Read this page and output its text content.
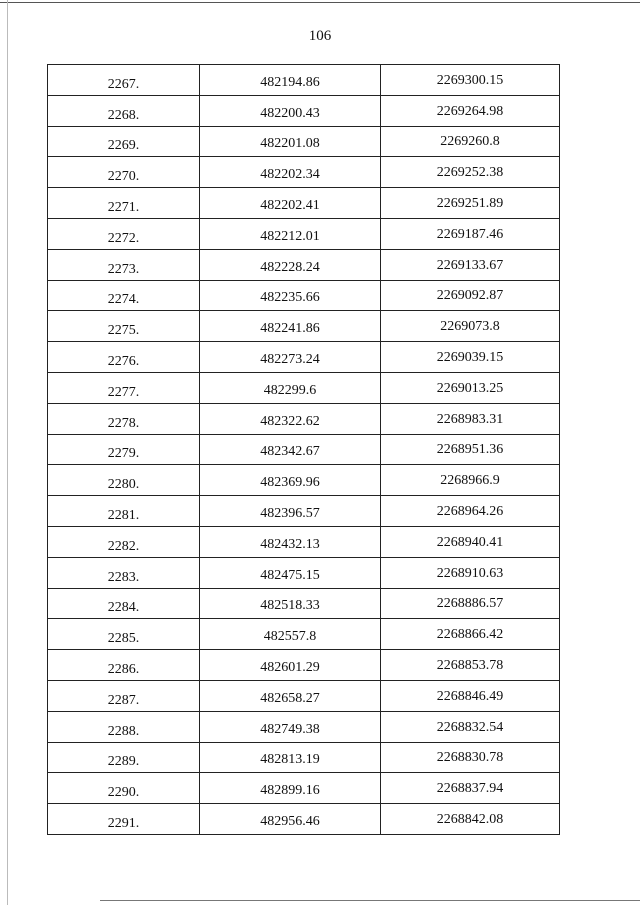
106
2267.	482194.86	2269300.15
2268.	482200.43	2269264.98
2269.	482201.08	2269260.8
2270.	482202.34	2269252.38
2271.	482202.41	2269251.89
2272.	482212.01	2269187.46
2273.	482228.24	2269133.67
2274.	482235.66	2269092.87
2275.	482241.86	2269073.8
2276.	482273.24	2269039.15
2277.	482299.6	2269013.25
2278.	482322.62	2268983.31
2279.	482342.67	2268951.36
2280.	482369.96	2268966.9
2281.	482396.57	2268964.26
2282.	482432.13	2268940.41
2283.	482475.15	2268910.63
2284.	482518.33	2268886.57
2285.	482557.8	2268866.42
2286.	482601.29	2268853.78
2287.	482658.27	2268846.49
2288.	482749.38	2268832.54
2289.	482813.19	2268830.78
2290.	482899.16	2268837.94
2291.	482956.46	2268842.08
